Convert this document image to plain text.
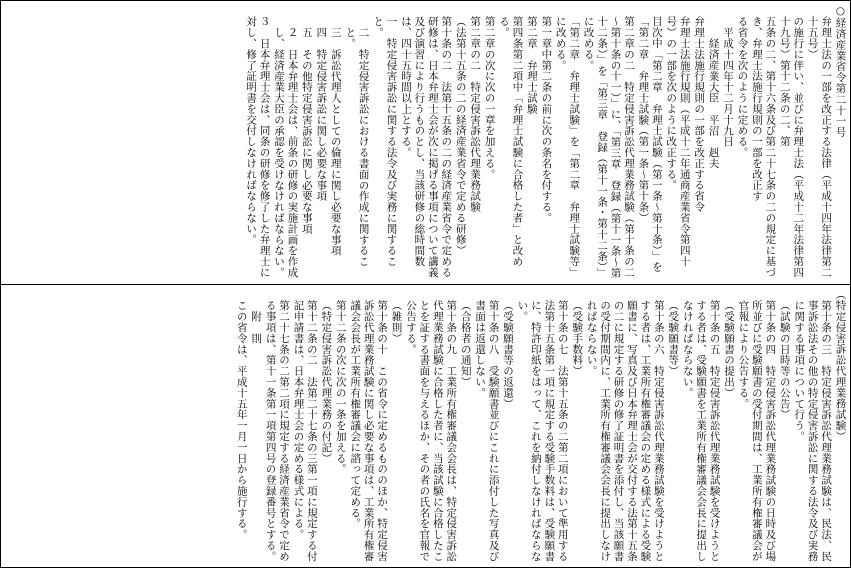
○経済産業省令第二十一号
弁理士法の一部を改正する法律（平成十四年法律第二十五号）
の施行に伴い、並びに弁理士法（平成十二年法律第四十九号）第十二条の二、第
五条の二、第十六条及び第二十七条の二の規定に基づき、弁理士法施行規則の一部を改正す
る省令を次のように定める。
平成十四年十二月十九日
経済産業大臣　平沼　赳夫
弁理士法施行規則の一部を改正する省令
弁理士法施行規則（平成十二年通商産業省令第四十号）の一部を次のように改正する。
目次中「第二章　弁理士試験（第一条～第十条）」を「第二章　弁理士試験（第一条～第十条）
第二章の二　特定侵害訴訟代理業務試験（第十条の二～第十条の十一）」に、「第三章　登録（第十一条～第十二条）」を「第三章　登録（第十一条・第十二条）」に改める。
「第二章　弁理士試験」を「第二章　弁理士試験等」に改める。
第一章中第二条の前に次の条名を付する。
第二章　弁理士試験
第四条第二項中「弁理士試験に合格した者」と改める。
第二章の次に次の一章を加える。
第二章の二　特定侵害訴訟代理業務試験
（法第十五条の二の経済産業省令で定める研修）
第十条の二　法第十五条の二の経済産業省令で定める研修は、日本弁理士会が次に掲げる事項について講義及び演習により行うものとし、当該研修の総時間数は、四十五時間以上とする。
一　特定侵害訴訟に関する法令及び実務に関すること。
二　特定侵害訴訟における書面の作成に関すること。
三　訴訟代理人としての倫理に関し必要な事項
四　特定侵害訴訟に関し必要な事項
五　その他特定侵害訴訟に関し必要な事項
２　日本弁理士会は、前条の研修の実施計画を作成し、経済産業大臣の承認を受けなければならない。
３　日本弁理士会は、同条の研修を修了した弁理士に対し、修了証明書を交付しなければならない。
（特定侵害訴訟代理業務試験）
第十条の三　特定侵害訴訟代理業務試験は、民法、民事訴訟法その他の特定侵害訴訟に関する法令及び実務に関する事項について行う。
（試験の日時等の公告）
第十条の四　特定侵害訴訟代理業務試験の日時及び場所並びに受験願書の受付期間は、工業所有権審議会が官報により公告する。
（受験願書の提出）
第十条の五　特定侵害訴訟代理業務試験を受けようとする者は、受験願書を工業所有権審議会会長に提出しなければならない。
（受験願書等）
第十条の六　特定侵害訴訟代理業務試験を受けようとする者は、工業所有権審議会の定める様式による受験願書に、写真及び日本弁理士会が交付する法第十五条の二に規定する研修の修了証明書を添付し、当該願書の受付期間内に、工業所有権審議会会長に提出しなければならない。
（受験手数料）
第十条の七　法第十五条の二第二項において準用する法第十五条第一項に規定する受験手数料は、受験願書に、特許印紙をはって、これを納付しなければならない。
（受験願書等の返還）
第十条の八　受験願書並びにこれに添付した写真及び書面は返還しない。
（合格者の通知）
第十条の九　工業所有権審議会会長は、特定侵害訴訟代理業務試験に合格した者に、当該試験に合格したことを証する書面を与えるほか、その者の氏名を官報で公告する。
（雑則）
第十条の十　この省令に定めるもののほか、特定侵害訴訟代理業務試験に関し必要な事項は、工業所有権審議会会長が工業所有権審議会に諮って定める。
第十二条の次に次の一条を加える。
（特定侵害訴訟代理業務の付記）
第十二条の二　法第二十七条の三第一項に規定する付記申請書は、日本弁理士会の定める様式による。
第二十七条の二第二項に規定する経済産業省令で定める事項は、第十一条第一項第四号の登録番号とする。
附　則
この省令は、平成十五年一月一日から施行する。
